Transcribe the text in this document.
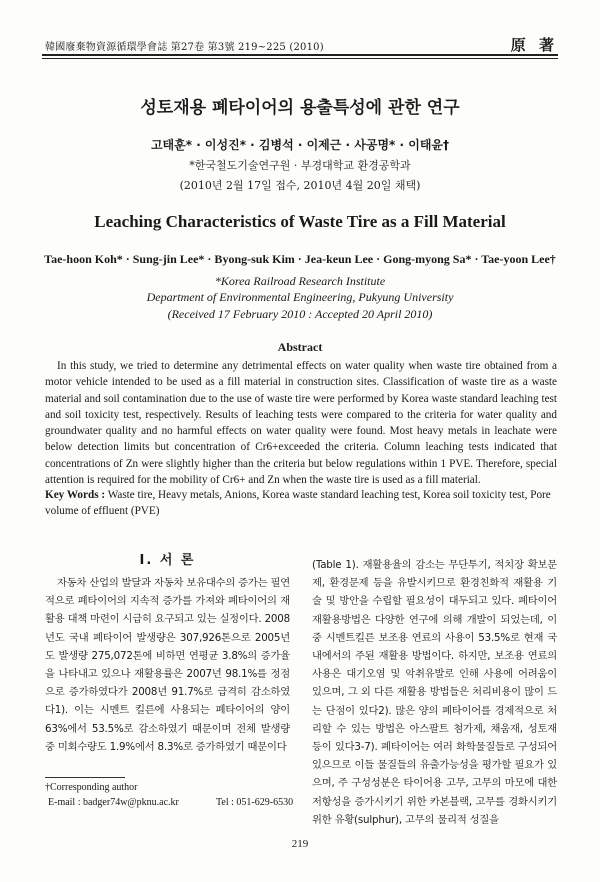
韓國廢棄物資源循環學會誌 第27卷 第3號 219~225 (2010)	原 著
성토재용 폐타이어의 용출특성에 관한 연구
고태훈* · 이성진* · 김병석 · 이제근 · 사공명* · 이태윤†
*한국철도기술연구원 · 부경대학교 환경공학과
(2010년 2월 17일 접수, 2010년 4월 20일 채택)
Leaching Characteristics of Waste Tire as a Fill Material
Tae-hoon Koh* · Sung-jin Lee* · Byong-suk Kim · Jea-keun Lee · Gong-myong Sa* · Tae-yoon Lee†
*Korea Railroad Research Institute
Department of Environmental Engineering, Pukyung University
(Received 17 February 2010 : Accepted 20 April 2010)
Abstract
In this study, we tried to determine any detrimental effects on water quality when waste tire obtained from a motor vehicle intended to be used as a fill material in construction sites. Classification of waste tire as a waste material and soil contamination due to the use of waste tire were performed by Korea waste standard leaching test and soil toxicity test, respectively. Results of leaching tests were compared to the criteria for water quality and groundwater quality and no harmful effects on water quality were found. Most heavy metals in leachate were below detection limits but concentration of Cr6+exceeded the criteria. Column leaching tests indicated that concentrations of Zn were slightly higher than the criteria but below regulations within 1 PVE. Therefore, special attention is required for the mobility of Cr6+ and Zn when the waste tire is used as a fill material.
Key Words : Waste tire, Heavy metals, Anions, Korea waste standard leaching test, Korea soil toxicity test, Pore volume of effluent (PVE)
I. 서 론
자동차 산업의 발달과 자동차 보유대수의 증가는 필연적으로 폐타이어의 지속적 증가를 가져와 폐타이어의 재활용 대책 마련이 시급히 요구되고 있는 실정이다. 2008년도 국내 폐타이어 발생량은 307,926톤으로 2005년도 발생량 275,072톤에 비하면 연평균 3.8%의 증가율을 나타내고 있으나 재활용률은 2007년 98.1%를 정점으로 증가하였다가 2008년 91.7%로 급격히 감소하였다1). 이는 시멘트 킬른에 사용되는 폐타이어의 양이 63%에서 53.5%로 감소하였기 때문이며 전체 발생량 중 미회수량도 1.9%에서 8.3%로 증가하였기 때문이다
(Table 1). 재활용율의 감소는 무단투기, 적치장 확보문제, 환경문제 등을 유발시키므로 환경친화적 재활용 기술 및 방안을 수립할 필요성이 대두되고 있다. 폐타이어 재활용방법은 다양한 연구에 의해 개발이 되었는데, 이중 시멘트킬른 보조용 연료의 사용이 53.5%로 현재 국내에서의 주된 재활용 방법이다. 하지만, 보조용 연료의 사용은 대기오염 및 악취유발로 인해 사용에 어려움이 있으며, 그 외 다른 재활용 방법들은 처리비용이 많이 드는 단점이 있다2). 많은 양의 폐타이어를 경제적으로 처리할 수 있는 방법은 아스팔트 첨가제, 채움재, 성토재 등이 있다3-7). 폐타이어는 여러 화학물질들로 구성되어 있으므로 이들 물질들의 유출가능성을 평가할 필요가 있으며, 주 구성성분은 타이어용 고무, 고무의 마모에 대한 저항성을 증가시키기 위한 카본블랙, 고무를 경화시키기 위한 유황(sulphur), 고무의 물리적 성질을
†Corresponding author
E-mail : badger74w@pknu.ac.kr	Tel : 051-629-6530
219
